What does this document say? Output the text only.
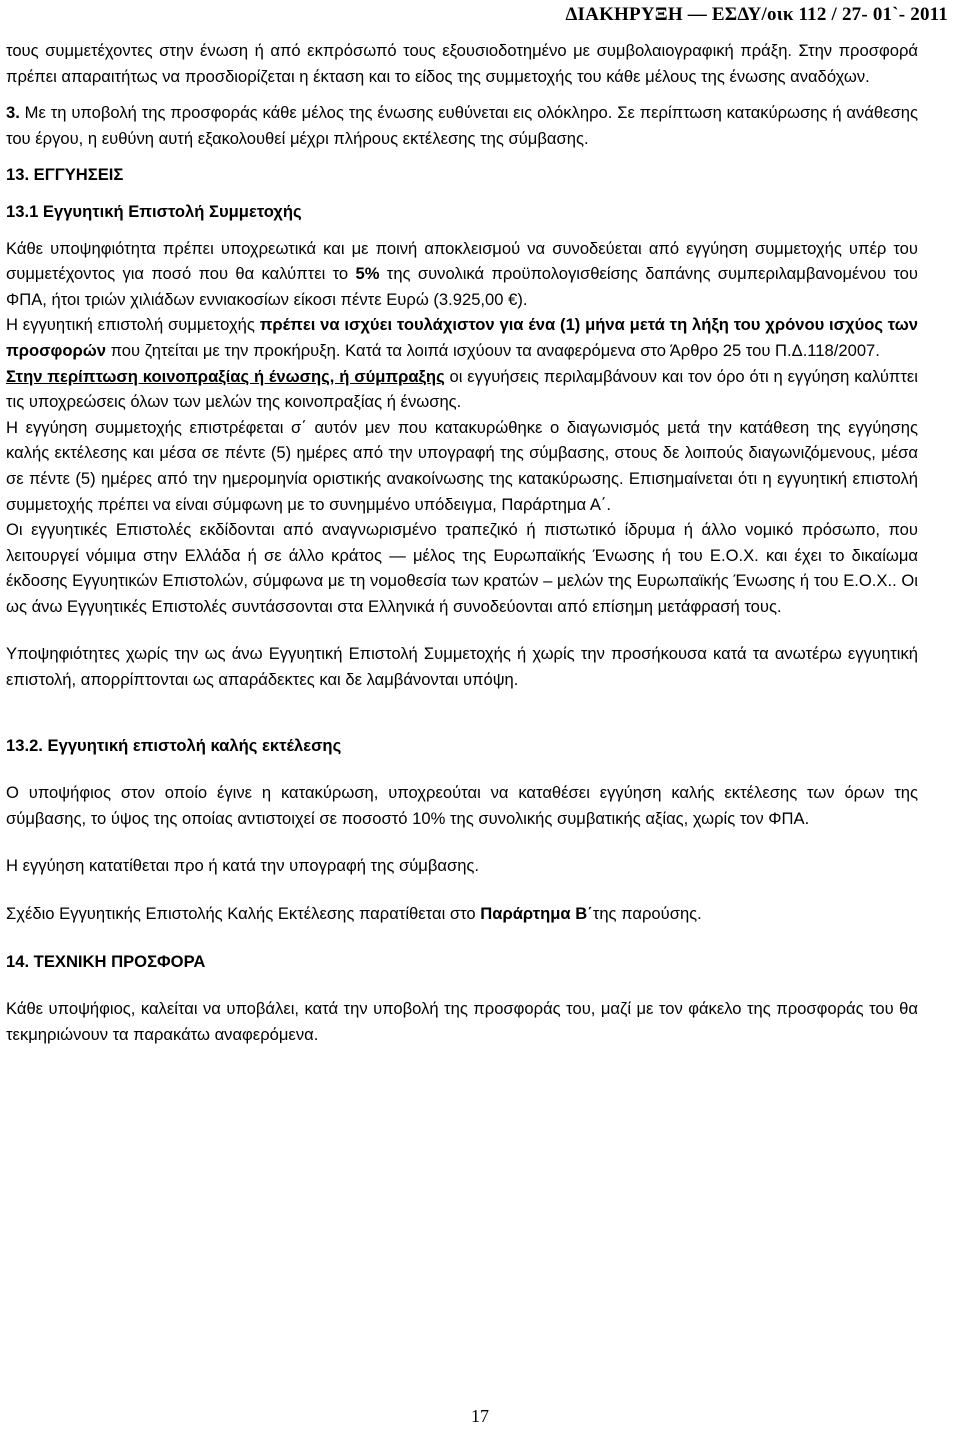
ΔΙΑΚΗΡΥΞΗ — ΕΣΔΥ/οικ 112 / 27- 01`- 2011

τους συμμετέχοντες στην ένωση ή από εκπρόσωπό τους εξουσιοδοτημένο με συμβολαιογραφική πράξη. Στην προσφορά πρέπει απαραιτήτως να προσδιορίζεται η έκταση και το είδος της συμμετοχής του κάθε μέλους της ένωσης αναδόχων.

3. Με τη υποβολή της προσφοράς κάθε μέλος της ένωσης ευθύνεται εις ολόκληρο. Σε περίπτωση κατακύρωσης ή ανάθεσης του έργου, η ευθύνη αυτή εξακολουθεί μέχρι πλήρους εκτέλεσης της σύμβασης.

13. ΕΓΓΥΗΣΕΙΣ

13.1 Εγγυητική Επιστολή Συμμετοχής

Κάθε υποψηφιότητα πρέπει υποχρεωτικά και με ποινή αποκλεισμού να συνοδεύεται από εγγύηση συμμετοχής υπέρ του συμμετέχοντος για ποσό που θα καλύπτει το 5% της συνολικά προϋπολογισθείσης δαπάνης συμπεριλαμβανομένου του ΦΠΑ, ήτοι τριών χιλιάδων εννιακοσίων είκοσι πέντε Ευρώ (3.925,00 €).

Η εγγυητική επιστολή συμμετοχής πρέπει να ισχύει τουλάχιστον για ένα (1) μήνα μετά τη λήξη του χρόνου ισχύος των προσφορών που ζητείται με την προκήρυξη. Κατά τα λοιπά ισχύουν τα αναφερόμενα στο Άρθρο 25 του Π.Δ.118/2007.

Στην περίπτωση κοινοπραξίας ή ένωσης, ή σύμπραξης οι εγγυήσεις περιλαμβάνουν και τον όρο ότι η εγγύηση καλύπτει τις υποχρεώσεις όλων των μελών της κοινοπραξίας ή ένωσης.

Η εγγύηση συμμετοχής επιστρέφεται σ΄ αυτόν μεν που κατακυρώθηκε ο διαγωνισμός μετά την κατάθεση της εγγύησης καλής εκτέλεσης και μέσα σε πέντε (5) ημέρες από την υπογραφή της σύμβασης, στους δε λοιπούς διαγωνιζόμενους, μέσα σε πέντε (5) ημέρες από την ημερομηνία οριστικής ανακοίνωσης της κατακύρωσης. Επισημαίνεται ότι η εγγυητική επιστολή συμμετοχής πρέπει να είναι σύμφωνη με το συνημμένο υπόδειγμα, Παράρτημα Α΄.

Οι εγγυητικές Επιστολές εκδίδονται από αναγνωρισμένο τραπεζικό ή πιστωτικό ίδρυμα ή άλλο νομικό πρόσωπο, που λειτουργεί νόμιμα στην Ελλάδα ή σε άλλο κράτος — μέλος της Ευρωπαϊκής Ένωσης ή του Ε.Ο.Χ. και έχει το δικαίωμα έκδοσης Εγγυητικών Επιστολών, σύμφωνα με τη νομοθεσία των κρατών – μελών της Ευρωπαϊκής Ένωσης ή του Ε.Ο.Χ.. Οι ως άνω Εγγυητικές Επιστολές συντάσσονται στα Ελληνικά ή συνοδεύονται από επίσημη μετάφρασή τους.

Υποψηφιότητες χωρίς την ως άνω Εγγυητική Επιστολή Συμμετοχής ή χωρίς την προσήκουσα κατά τα ανωτέρω εγγυητική επιστολή, απορρίπτονται ως απαράδεκτες και δε λαμβάνονται υπόψη.

13.2. Εγγυητική επιστολή καλής εκτέλεσης

Ο υποψήφιος στον οποίο έγινε η κατακύρωση, υποχρεούται να καταθέσει εγγύηση καλής εκτέλεσης των όρων της σύμβασης, το ύψος της οποίας αντιστοιχεί σε ποσοστό 10% της συνολικής συμβατικής αξίας, χωρίς τον ΦΠΑ.

Η εγγύηση κατατίθεται προ ή κατά την υπογραφή της σύμβασης.

Σχέδιο Εγγυητικής Επιστολής Καλής Εκτέλεσης παρατίθεται στο Παράρτημα Β΄της παρούσης.

14. ΤΕΧΝΙΚΗ ΠΡΟΣΦΟΡΑ

Κάθε υποψήφιος, καλείται να υποβάλει, κατά την υποβολή της προσφοράς του, μαζί με τον φάκελο της προσφοράς του θα τεκμηριώνουν τα παρακάτω αναφερόμενα.

17
